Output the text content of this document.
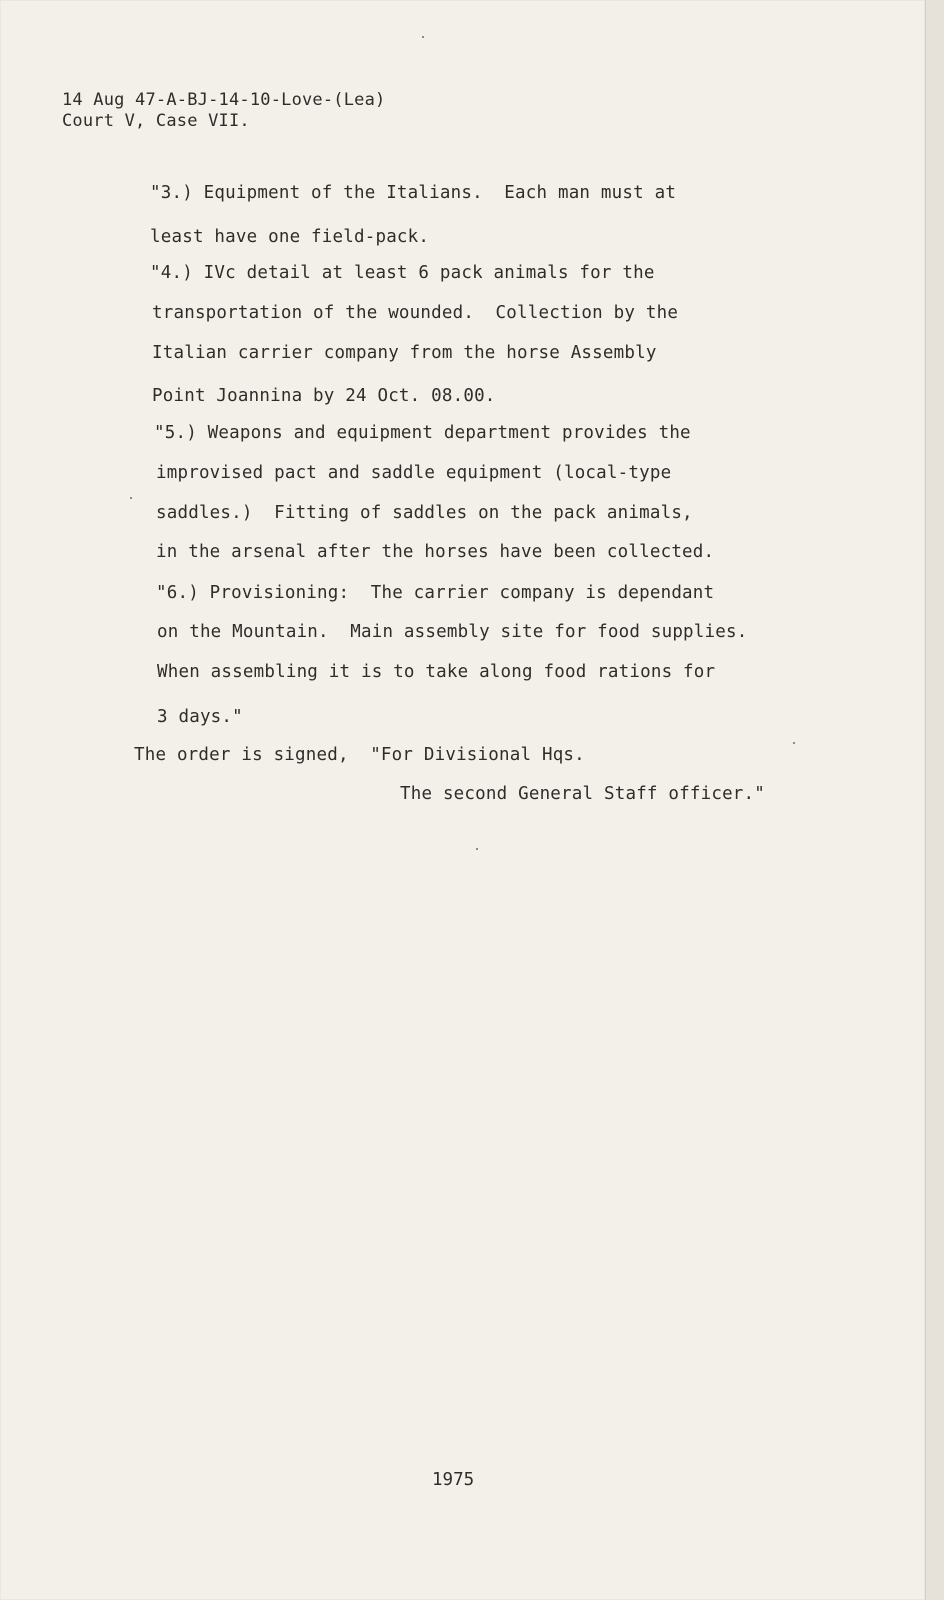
14 Aug 47-A-BJ-14-10-Love-(Lea)

Court V, Case VII.

"3.) Equipment of the Italians.  Each man must at

least have one field-pack.

"4.) IVc detail at least 6 pack animals for the

transportation of the wounded.  Collection by the

Italian carrier company from the horse Assembly

Point Joannina by 24 Oct. 08.00.

"5.) Weapons and equipment department provides the

improvised pact and saddle equipment (local-type

saddles.)  Fitting of saddles on the pack animals,

in the arsenal after the horses have been collected.

"6.) Provisioning:  The carrier company is dependant

on the Mountain.  Main assembly site for food supplies.

When assembling it is to take along food rations for

3 days."

The order is signed,  "For Divisional Hqs.

The second General Staff officer."

1975
